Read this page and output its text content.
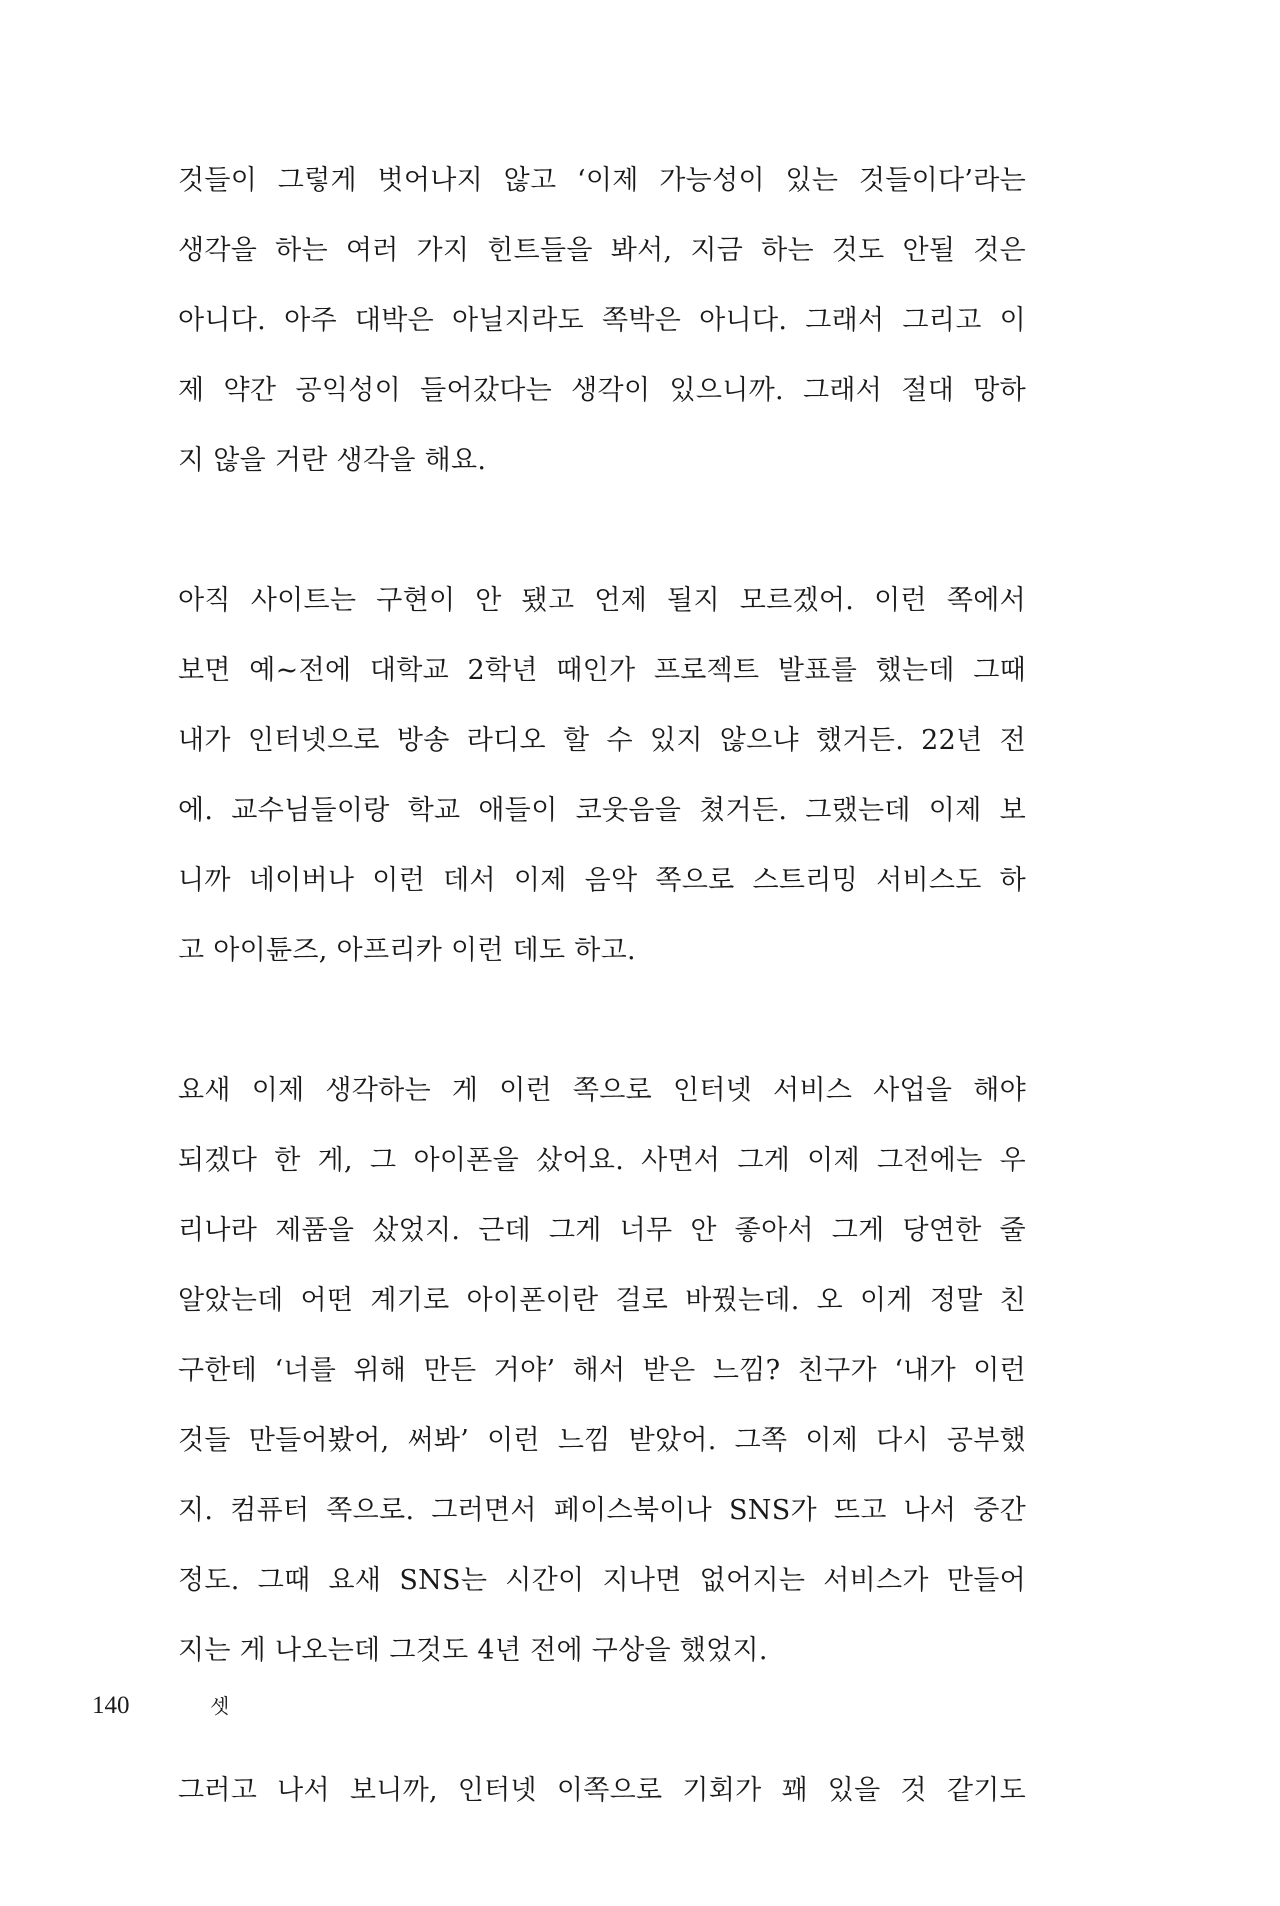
것들이 그렇게 벗어나지 않고 ‘이제 가능성이 있는 것들이다’라는
생각을 하는 여러 가지 힌트들을 봐서, 지금 하는 것도 안될 것은
아니다. 아주 대박은 아닐지라도 쪽박은 아니다. 그래서 그리고 이
제 약간 공익성이 들어갔다는 생각이 있으니까. 그래서 절대 망하
지 않을 거란 생각을 해요.

아직 사이트는 구현이 안 됐고 언제 될지 모르겠어. 이런 쪽에서
보면 예~전에 대학교 2학년 때인가 프로젝트 발표를 했는데 그때
내가 인터넷으로 방송 라디오 할 수 있지 않으냐 했거든. 22년 전
에. 교수님들이랑 학교 애들이 코웃음을 쳤거든. 그랬는데 이제 보
니까 네이버나 이런 데서 이제 음악 쪽으로 스트리밍 서비스도 하
고 아이튠즈, 아프리카 이런 데도 하고.

요새 이제 생각하는 게 이런 쪽으로 인터넷 서비스 사업을 해야
되겠다 한 게, 그 아이폰을 샀어요. 사면서 그게 이제 그전에는 우
리나라 제품을 샀었지. 근데 그게 너무 안 좋아서 그게 당연한 줄
알았는데 어떤 계기로 아이폰이란 걸로 바꿨는데. 오 이게 정말 친
구한테 ‘너를 위해 만든 거야’ 해서 받은 느낌? 친구가 ‘내가 이런
것들 만들어봤어, 써봐’ 이런 느낌 받았어. 그쪽 이제 다시 공부했
지. 컴퓨터 쪽으로. 그러면서 페이스북이나 SNS가 뜨고 나서 중간
정도. 그때 요새 SNS는 시간이 지나면 없어지는 서비스가 만들어
지는 게 나오는데 그것도 4년 전에 구상을 했었지.

그러고 나서 보니까, 인터넷 이쪽으로 기회가 꽤 있을 것 같기도

140	셋
